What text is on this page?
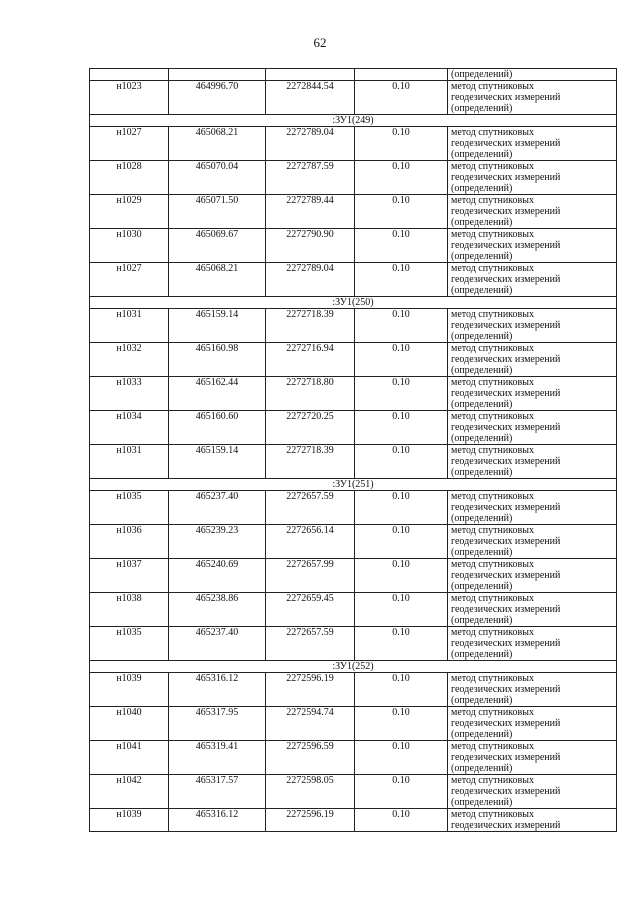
62

				(определений)

н1023	464996.70	2272844.54	0.10	метод спутниковых
геодезических измерений
(определений)

:ЗУ1(249)				
н1027	465068.21	2272789.04	0.10	метод спутниковых
геодезических измерений
(определений)

н1028	465070.04	2272787.59	0.10	метод спутниковых
геодезических измерений
(определений)

н1029	465071.50	2272789.44	0.10	метод спутниковых
геодезических измерений
(определений)

н1030	465069.67	2272790.90	0.10	метод спутниковых
геодезических измерений
(определений)

н1027	465068.21	2272789.04	0.10	метод спутниковых
геодезических измерений
(определений)

:ЗУ1(250)				
н1031	465159.14	2272718.39	0.10	метод спутниковых
геодезических измерений
(определений)

н1032	465160.98	2272716.94	0.10	метод спутниковых
геодезических измерений
(определений)

н1033	465162.44	2272718.80	0.10	метод спутниковых
геодезических измерений
(определений)

н1034	465160.60	2272720.25	0.10	метод спутниковых
геодезических измерений
(определений)

н1031	465159.14	2272718.39	0.10	метод спутниковых
геодезических измерений
(определений)

:ЗУ1(251)				
н1035	465237.40	2272657.59	0.10	метод спутниковых
геодезических измерений
(определений)

н1036	465239.23	2272656.14	0.10	метод спутниковых
геодезических измерений
(определений)

н1037	465240.69	2272657.99	0.10	метод спутниковых
геодезических измерений
(определений)

н1038	465238.86	2272659.45	0.10	метод спутниковых
геодезических измерений
(определений)

н1035	465237.40	2272657.59	0.10	метод спутниковых
геодезических измерений
(определений)

:ЗУ1(252)				
н1039	465316.12	2272596.19	0.10	метод спутниковых
геодезических измерений
(определений)

н1040	465317.95	2272594.74	0.10	метод спутниковых
геодезических измерений
(определений)

н1041	465319.41	2272596.59	0.10	метод спутниковых
геодезических измерений
(определений)

н1042	465317.57	2272598.05	0.10	метод спутниковых
геодезических измерений
(определений)

н1039	465316.12	2272596.19	0.10	метод спутниковых
геодезических измерений
